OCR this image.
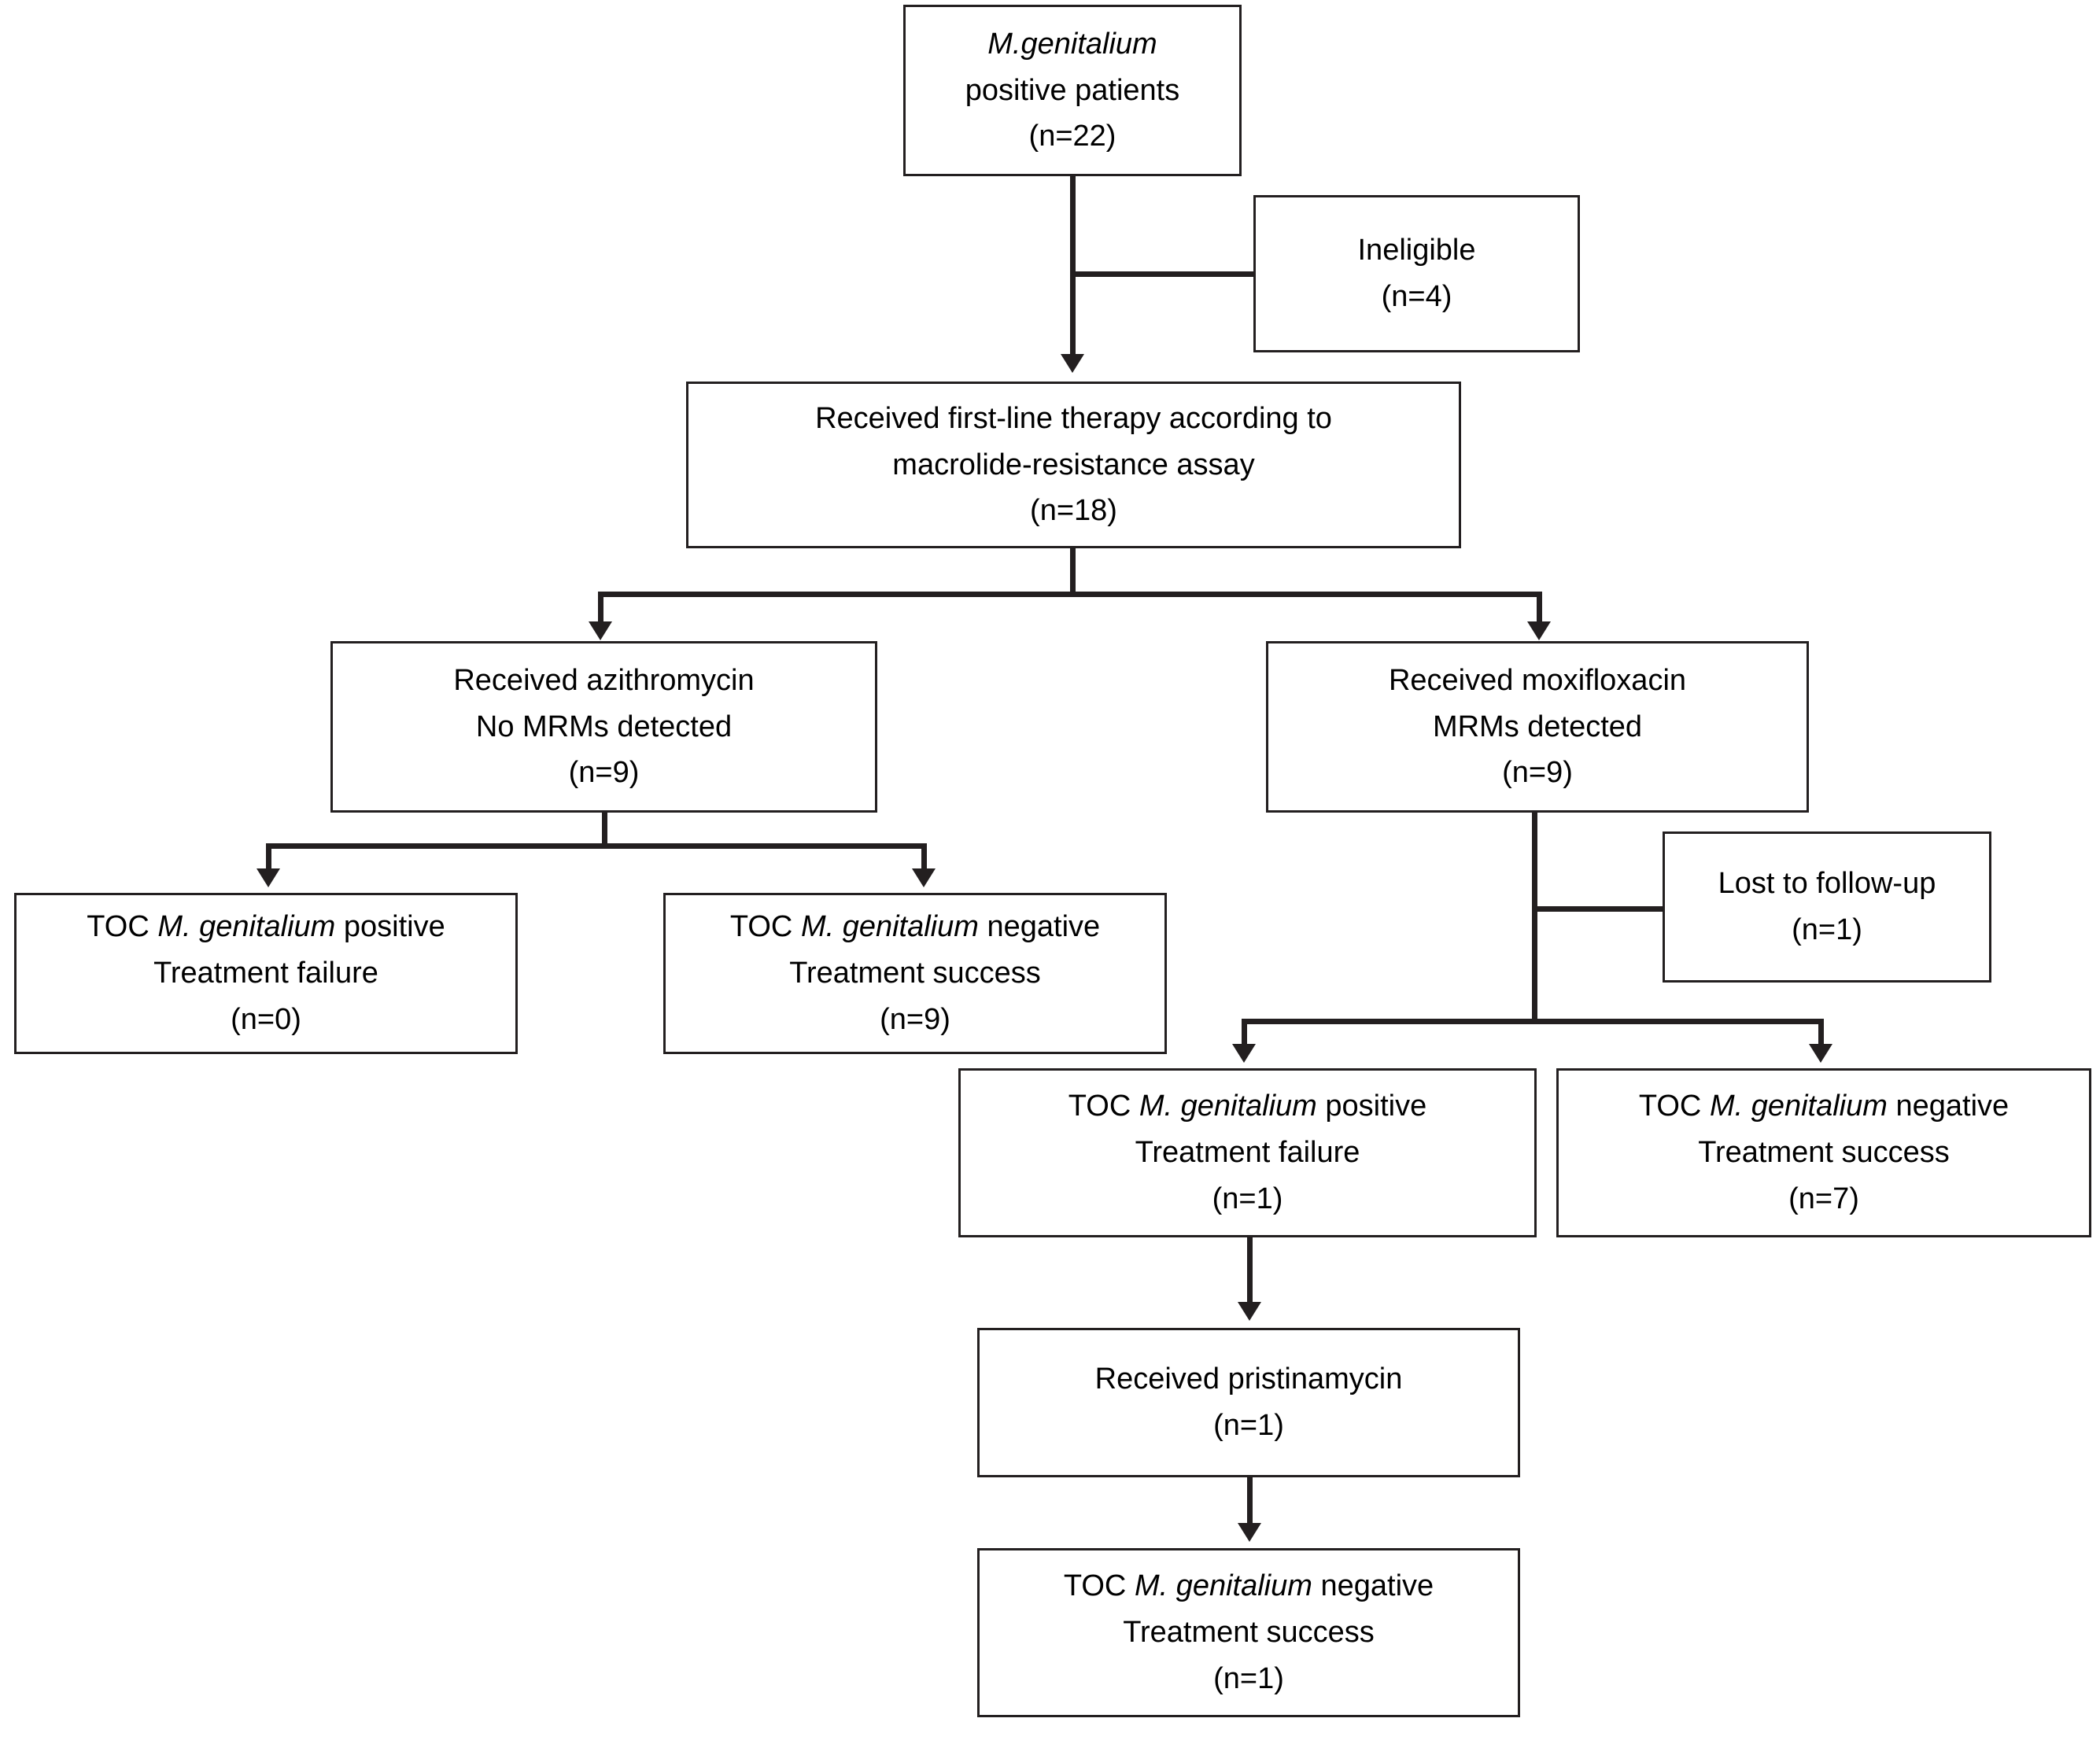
M.genitalium
positive patients
(n=22)
Ineligible
(n=4)
Received first-line therapy according to
macrolide-resistance assay
(n=18)
Received azithromycin
No MRMs detected
(n=9)
Received moxifloxacin
MRMs detected
(n=9)
TOC M. genitalium positive
Treatment failure
(n=0)
TOC M. genitalium negative
Treatment success
(n=9)
Lost to follow-up
(n=1)
TOC M. genitalium positive
Treatment failure
(n=1)
TOC M. genitalium negative
Treatment success
(n=7)
Received pristinamycin
(n=1)
TOC M. genitalium negative
Treatment success
(n=1)
